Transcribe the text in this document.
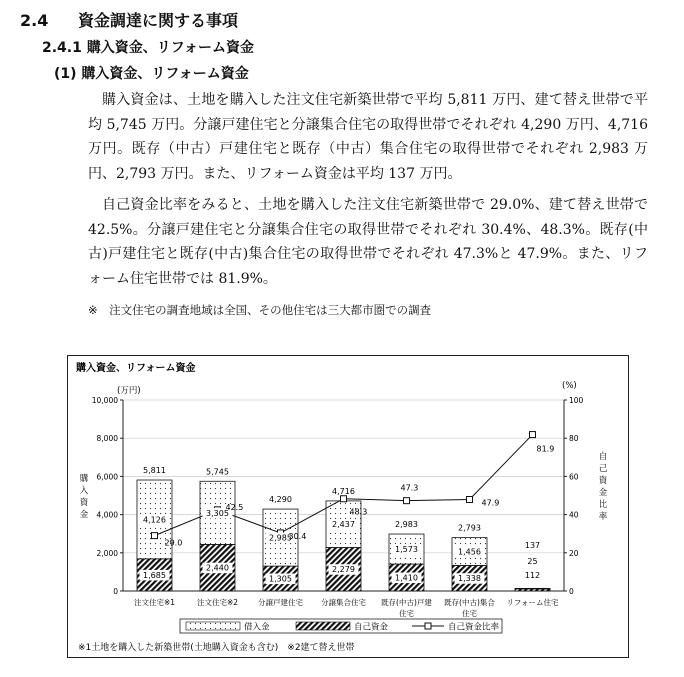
2.4 資金調達に関する事項
2.4.1 購入資金、リフォーム資金
(1) 購入資金、リフォーム資金
購入資金は、土地を購入した注文住宅新築世帯で平均 5,811 万円、建て替え世帯で平均 5,745 万円。分譲戸建住宅と分譲集合住宅の取得世帯でそれぞれ 4,290 万円、4,716 万円。既存（中古）戸建住宅と既存（中古）集合住宅の取得世帯でそれぞれ 2,983 万円、2,793 万円。また、リフォーム資金は平均 137 万円。
自己資金比率をみると、土地を購入した注文住宅新築世帯で 29.0%、建て替え世帯で 42.5%。分譲戸建住宅と分譲集合住宅の取得世帯でそれぞれ 30.4%、48.3%。既存(中古)戸建住宅と既存(中古)集合住宅の取得世帯でそれぞれ 47.3%と 47.9%。また、リフォーム住宅世帯では 81.9%。
※　注文住宅の調査地域は全国、その他住宅は三大都市圏での調査
購入資金、リフォーム資金
(万円)	(%)
0
2,000
4,000
6,000
8,000
10,000
0
20
40
60
80
100
注文住宅※1	注文住宅※2	分譲戸建住宅 分譲集合住宅 既存(中古)戸建
住宅
既存(中古)集合
住宅
リフォーム住宅
4,126
1,685
5,811
3,305
2,440
5,745
2,985
1,305
4,290
2,437
2,279
4,716
1,573
1,410
2,983
1,456
1,338
2,793
137
25
112
29.0
42.5
30.4
48.3
47.3
47.9
81.9
購
入
資
金
自
己
資
金
比
率
借入金	自己資金	自己資金比率
※1土地を購入した新築世帯(土地購入資金も含む)　※2建て替え世帯
